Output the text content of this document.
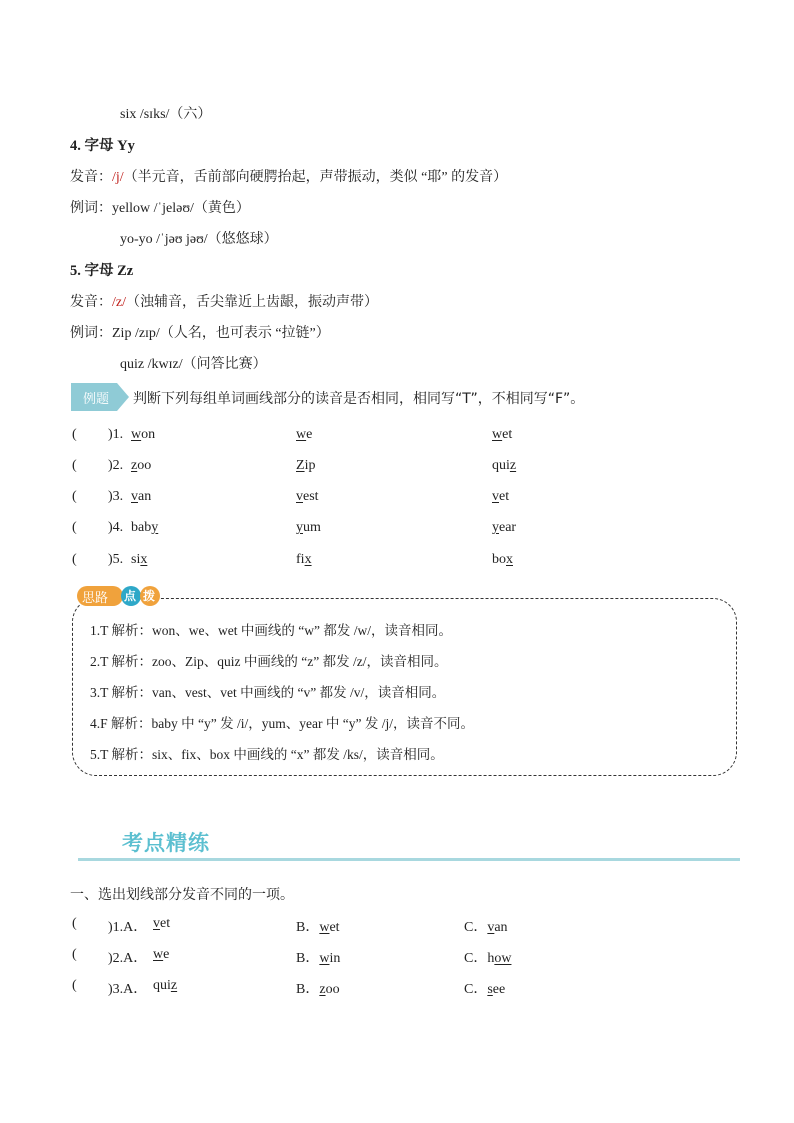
six /sɪks/（六）
4. 字母 Yy
发音：/j/（半元音，舌前部向硬腭抬起，声带振动，类似 “耶” 的发音）
例词：yellow /ˈjeləʊ/（黄色）
yo-yo /ˈjəʊ jəʊ/（悠悠球）
5. 字母 Zz
发音：/z/（浊辅音，舌尖靠近上齿龈，振动声带）
例词：Zip /zɪp/（人名，也可表示 “拉链”）
quiz /kwɪz/（问答比赛）
例题	判断下列每组单词画线部分的读音是否相同，相同写“T”，不相同写“F”。
( )1. won	we	wet
( )2. zoo	Zip	quiz
( )3. van	vest	vet
( )4. baby	yum	year
( )5. six	fix	box
思路 点 拨
1.T 解析：won、we、wet 中画线的 “w” 都发 /w/，读音相同。
2.T 解析：zoo、Zip、quiz 中画线的 “z” 都发 /z/，读音相同。
3.T 解析：van、vest、vet 中画线的 “v” 都发 /v/，读音相同。
4.F 解析：baby 中 “y” 发 /i/，yum、year 中 “y” 发 /j/，读音不同。
5.T 解析：six、fix、box 中画线的 “x” 都发 /ks/，读音相同。
考点精练
一、选出划线部分发音不同的一项。
( )1.A． vet	B．wet	C．van
( )2.A． we	B．win	C．how
( )3.A． quiz	B．zoo	C．see
